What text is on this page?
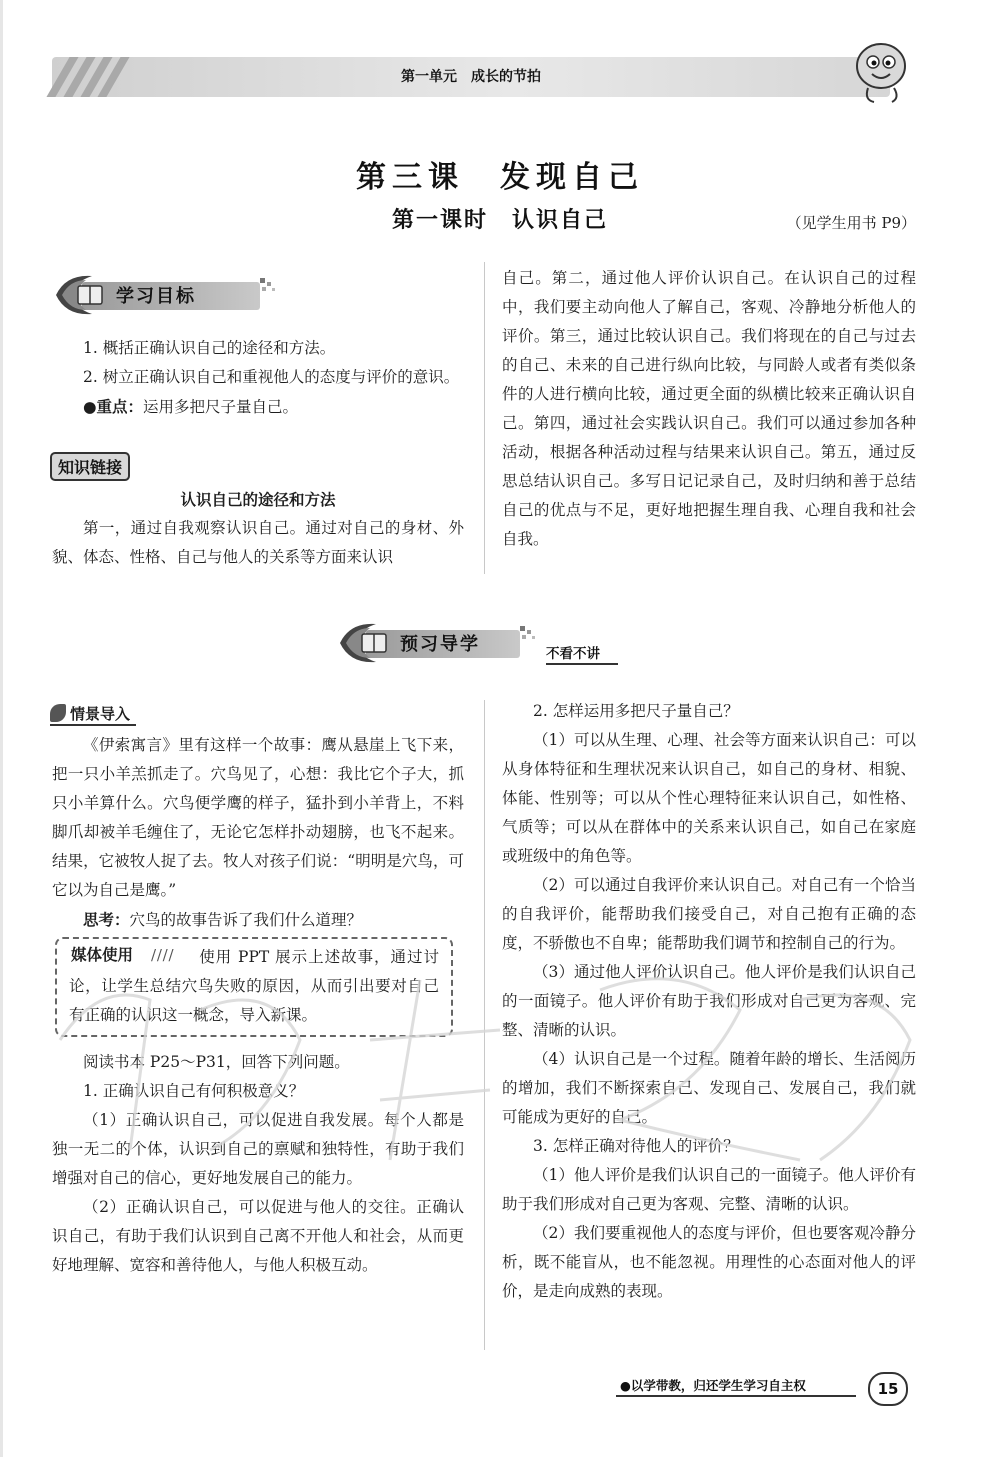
第一单元　成长的节拍
第三课　发现自己
第一课时　认识自己	（见学生用书 P9）
学习目标

1. 概括正确认识自己的途径和方法。

2. 树立正确认识自己和重视他人的态度与评价的意识。

●重点：运用多把尺子量自己。

知识链接
认识自己的途径和方法

第一，通过自我观察认识自己。通过对自己的身材、外貌、体态、性格、自己与他人的关系等方面来认识

自己。第二，通过他人评价认识自己。在认识自己的过程中，我们要主动向他人了解自己，客观、冷静地分析他人的评价。第三，通过比较认识自己。我们将现在的自己与过去的自己、未来的自己进行纵向比较，与同龄人或者有类似条件的人进行横向比较，通过更全面的纵横比较来正确认识自己。第四，通过社会实践认识自己。我们可以通过参加各种活动，根据各种活动过程与结果来认识自己。第五，通过反思总结认识自己。多写日记记录自己，及时归纳和善于总结自己的优点与不足，更好地把握生理自我、心理自我和社会自我。

预习导学	不看不讲
情景导入

《伊索寓言》里有这样一个故事：鹰从悬崖上飞下来，把一只小羊羔抓走了。穴鸟见了，心想：我比它个子大，抓只小羊算什么。穴鸟便学鹰的样子，猛扑到小羊背上，不料脚爪却被羊毛缠住了，无论它怎样扑动翅膀，也飞不起来。结果，它被牧人捉了去。牧人对孩子们说：“明明是穴鸟，可它以为自己是鹰。”

思考：穴鸟的故事告诉了我们什么道理？

媒体使用 / / / /	使用 PPT 展示上述故事，通过讨论，让学生总结穴鸟失败的原因，从而引出要对自己有正确的认识这一概念，导入新课。

阅读书本 P25～P31，回答下列问题。

1. 正确认识自己有何积极意义？

（1）正确认识自己，可以促进自我发展。每个人都是独一无二的个体，认识到自己的禀赋和独特性，有助于我们增强对自己的信心，更好地发展自己的能力。

（2）正确认识自己，可以促进与他人的交往。正确认识自己，有助于我们认识到自己离不开他人和社会，从而更好地理解、宽容和善待他人，与他人积极互动。

2. 怎样运用多把尺子量自己？

（1）可以从生理、心理、社会等方面来认识自己：可以从身体特征和生理状况来认识自己，如自己的身材、相貌、体能、性别等；可以从个性心理特征来认识自己，如性格、气质等；可以从在群体中的关系来认识自己，如自己在家庭或班级中的角色等。

（2）可以通过自我评价来认识自己。对自己有一个恰当的自我评价，能帮助我们接受自己，对自己抱有正确的态度，不骄傲也不自卑；能帮助我们调节和控制自己的行为。

（3）通过他人评价认识自己。他人评价是我们认识自己的一面镜子。他人评价有助于我们形成对自己更为客观、完整、清晰的认识。

（4）认识自己是一个过程。随着年龄的增长、生活阅历的增加，我们不断探索自己、发现自己、发展自己，我们就可能成为更好的自己。

3. 怎样正确对待他人的评价？

（1）他人评价是我们认识自己的一面镜子。他人评价有助于我们形成对自己更为客观、完整、清晰的认识。

（2）我们要重视他人的态度与评价，但也要客观冷静分析，既不能盲从，也不能忽视。用理性的心态面对他人的评价，是走向成熟的表现。

●以学带教，归还学生学习自主权	15
